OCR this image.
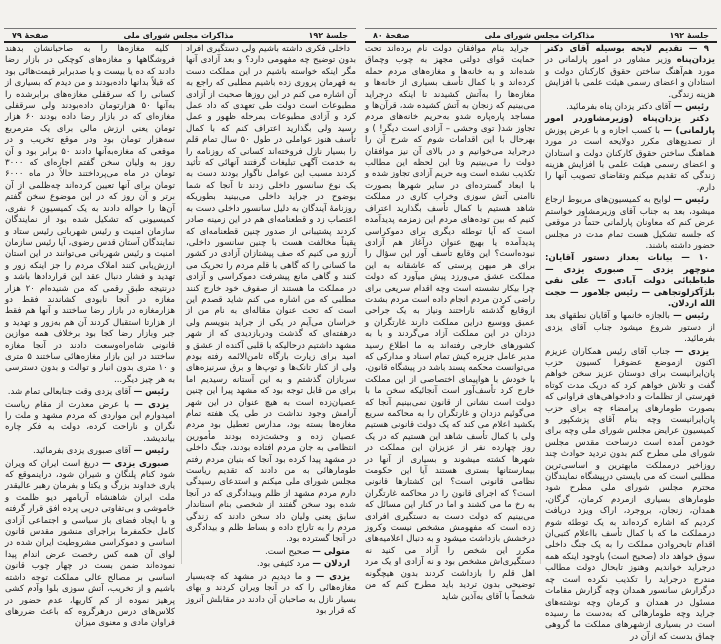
جلسهٔ ۱۹۲
مذاکرات مجلس شورای ملی
صفحهٔ ۷۹

داخلی فکری داشته باشیم ولی دستگیری افراد بدون توضیح چه مفهومی دارد؟ و بعد آزادی آنها مگر اینکه خواسته باشیم در این مملکت دست به قهرمان پروری زده باشیم مطلبی که راجع به آن اشاره می کنم در این روزها صحبت از آزادی مطبوعات است دولت طی تعهدی که داد عمل کرد و آزادی مطبوعات بمرحله ظهور و عمل رسید ولی بگذارید اعتراف کنم که با کمال تأسف هنوز عواملی در طول ۵۰ سال تمام قلم را بسیار نازل فروخته‌اند کسانی که روزنامه را به خدمت آگهی تبلیغات گرفتند آنهائی که تأثید کردند مسبب این عوامل ناگوار بودند دست به یک نوع سانسور داخلی زدند تا آنجا که شما بوضوح در جراید داخلی می‌بینید بطوریکه روزنامهٔ آیندگان به دلیل سانسور داخلی دست به اعتصاب زد و قطعنامه‌ای هم در این زمینه صادر کردند پشتیبانی از صدور چنین قطعنامه‌ای که یقیناً مخالفت هست با چنین سانسور داخلی، آرزو می کنیم که صف پیشتازان آزادی در کشور ما کسانی را که گاهی با قلم مردم را تحریک می کنند و گاهی مانع پیشرفت دموکراسی و آزادی در مملکت ما هستند از صفوف خود خارج کنند مطلبی که من اشاره می کنم شاید قصدم این است که تحت عنوان مقاله‌ای به نام من از خراسان می‌آیم در یکی از جراید بنویسم ولی درهفته‌ای که گذشت ودرباز‌دیدی که از شهر مشهد داشتیم درحالیکه با قلبی آکنده از عشق و امید برای زیارت بارگاه ثامن‌الائمه رفته بودم ولی از کنار تانک‌ها و توپ‌ها و برق سرنیزه‌های سربازان گذشتم و به این آستانه رسیدیم اما برای من قابل توجه بود که مشهد پیرا این چنین عصیان‌زده است به هیچ عنوان در این شهر آرامش وجود نداشت در طی یک هفته تمام مغازه‌ها بسته بود، مدارس تعطیل بود مردم عصیان زده و وحشت‌زده بودند مأمورین انتظامی به جان مردم افتاده بودند، جنگ داخلی در مشهد پیدا کرده بود آنجا که بنیان مردم رفتم طومارهائی به من دادند که تقدیم ریاست مجلس شورای ملی میکنم و استدعای رسیدگی دارم مردم مشهد از ظلم وبیدادگری که در آنجا شده بود سخن گفتند از شخصی بنام استاندار سابق یعنی ولیان داد سخن دادند که زندگی مردم را به تاراج داده و بساط ظلم و بیدادگری در آنجا گسترده بود.

متولی — صحیح است.

اردلان — مرد کثیفی بود.

یزدی — و ما دیدیم در مشهد که چه‌بسیار مغازه‌هائی را که در آنجا ویران کردند و بهای بسیار نازل به صاحبان آن دادند در مقابلش آنروز که قرار بود

کلیه مغازه‌ها را به صاحبانشان بدهند فروشگاهها و مغازه‌های کوچکی در بازار رضا دادند که ده یا بیست و یا صدبرابر قیمت‌هائی بود که قبلاً بدانها داده‌بودند و من دیدم که بسیاری از کسانی را که سرقفلی مغازه‌های برابرشده را به‌آنها ۵۰ هزارتومان داده‌بودند ولی سرقفلی مغازه‌ای که در بازار رضا داده بودند ۶۰ هزار تومان یعنی ارزش مالی برای یک مترمربع سه‌هزار تومان بود ودر موقع تخریب و در موقعی که مغازه‌به‌آنها دادند ۵۰ برابر بود و آن روز به ولیان سخن گفتم اجاره‌ای که ۳۰۰۰ تومان در ماه می‌پرداختند حالاً در ماه ۶۰۰۰ تومان برای آنها تعیین کرده‌اند چه‌ظلمی از آن برتر و آن روز که در این موضوع سخن گفتم آن‌ها را حواله دادند به یک کمیسیون ۶ نفری، کمیسیونی که تشکیل شده بود از نمایندگان سازمان امنیت و رئیس شهربانی رئیس ستاد و نمایندگان آستان قدس رضوی، آیا رئیس سازمان امنیت و رئیس شهربانی می‌توانند در این استان ارزش‌یابی کنند املاک مردم را جز اینکه زور و تهدید و فشار دنبال عقد این قراردادها باشد و درنتیجه طبق رقمی که من شنیده‌ام ۲۰ هزار مغازه در آنجا نابودی کشاندند فقط دو هزارمغازه در بازار رضا ساختند و آنها هم فقط از هزارتا استقبال کردند آن هم به‌زور و تهدید و جبر وبازار رضا کجا بود برخلاف همه موازین قانونی شاه‌راه‌وسعت دادند در آنجا مغازه ساختند در این بازار مغازه‌هائی ساختند ۵ متری و ۱۰ متری بدون انبار و توالت و بدون دسترسی به هر چیز دیگر...

رئیس — آقای یزدی وقت جنابعالی تمام شد.

یزدی — با عرض معذرت از مقام ریاست امیدوارم این مواردی که مردم مشهد و ملت را نگران و ناراحت کرده، دولت به فکر چاره بیاندیشد.

رئیس — آقای صبوری یزدی بفرمائید.

صبوری یزدی — دریغ است ایران که ویران شود کنام پلنگان و شیران شود، دراینموقع که یاری خداوند بزرگ و یکتا و بفرمان رهبر عالیقدر ملت ایران شاهنشاه آریامهر دیو ظلمت و خاموشی و بی‌تفاوتی درپی پرده افق قرار گرفته و با ایجاد فضای باز سیاسی و اجتماعی آزادی کامل حکمفرما براجرای منشور مقدس قانون اساسی و دموکراسی مشروطیت ایران شده در لوای آن همه کس رخصت عرض اندام پیدا نموده‌اند ضمن بست در چهار چوب قانون اساسی بر مصالح عالی مملکت توجه داشته باشیم و از تخریب، آتش سوزی بلوا وآدم کشی پرهیز نموده از کم کاریها، عدم حضور در کلاس‌های درس درهرگروه که باعث ضررهای فراوان مادی و معنوی میزان

جلسهٔ ۱۹۲
مذاکرات مجلس شورای ملی
صفحهٔ ۸۰

۹ — تقدیم لایحه بوسیله آقای دکتر یزدان‌پناه وزیر مشاور در امور پارلمانی در مورد هم‌آهنگ ساختن حقوق کارکنان دولت و استادان و اعضای رسمی هیئت علمی با افزایش هزینه زندگی.

رئیس — آقای دکتر یزدان پناه بفرمائید.

دکتر یزدان‌پناه (وزیرمشاوردر امور پارلمانی) — با کسب اجازه و با عرض پوزش از تصدیع‌های مکرر دولایحه است در مورد هماهنگ ساختن حقوق کارکنان دولت و استادان و اعضای رسمی هیئت علمی با افزایش هزینه زندگی که تقدیم میکنم وتقاضای تصویب آنها را دارم.

رئیس — لوایح به کمیسیون‌های مربوط ارجاع میشود، بعد به جناب آقای وزیرمشاور خواستم عرض کنم که معاونان پارلمانی حتماً در موقعی که جلسه تشکیل هست تمام مدت در مجلس حضور داشته باشند.

۱۰ — بیانات بعداز دستور آقایان: منوچهر یزدی — صبوری یزدی — طباطبائی دولت آبادی — علی نقی بلژآکزلوتجاهی — رئیس جلامور — حجت الله اردلان.

رئیس — بالجازه خانمها و آقایان نطقهای بعد از دستور شروع میشود جناب آقای یزدی بفرمائید.

یزدی — جناب آقای رئیس همکاران عزیزم اکنون ازموضع عضوفرا کسیون حزب پان‌ایرانیست برای دوستان عزیز سخن خواهم گفت و تلاش خواهم کرد که دریک مدت کوتاه فهرستی از تظلمات و دادخواهی‌های فراوانی که بصورت طومارهای پرامضاء چه برای حزب پان‌ایرانیست وچه بنام آقای پزشکپور و کمیسیون عرایض مجلس شورای ملی وچه برای خودمن آمده است درساحت مقدس مجلس شورای ملی مطرح کنم بدون تردید حوادث چند روزاخیر درمملکت مابهترین و اساسی‌ترین مطلبی است که می بایستی درپیشگاه نمایندگان محترم مجلس شورای ملی مطرح شود طومارهای بسیاری ازمردم کرمان، گرگان، همدان، زنجان، بروجرد، اراک ویزد دریافت کردیم که اشاره کرده‌اند به یک توطئه شوم درمملکت ما که با کمال تأسف بااعلام کتبی‌ان اقدام تابحروادن مملکت را به یک جنگ داخلی سوق خواهد داد (صحیح است) باوجود اینکه همه درجراید خواندیم وهنوز تابحال دولت مطالب مندرج درجراید را تکذیب نکرده است چه درگزارش سانسور همدان وچه گزارش مقامات مسئول در همدان و کرمان وچه نوشته‌های جراید وچه طومارهائی که به‌دست ما رسیده است در بسیاری ازشهرهای مملکت ما گروهی چماق بدست که ازآن در

جراید بنام موافقان دولت نام برده‌اند تحت حمایت قوای دولتی مجهز به چوب وچماق شده‌اند و به خانه‌ها و مغازه‌های مردم حمله کرده‌اند و با کمال تأسف بسیاری از خانه‌ها و مغازه‌ها را به‌آتش کشیدند تا اینکه درجراید می‌بینیم که زنجان به آتش کشیده شد، قرآن‌ها و مساجد پاره‌پاره شدو به‌حریم خانه‌های مردم تجاوز شد( توی وحشی‌ – آزادی است دیگر! ) و بهرحال با این اقدامات شوم که شرح آن را درجراید می‌خوانیم و در بالای آن نیز موافقان دولت را می‌بینیم وتا این لحظه این مطالب تکذیب نشده است وبه حریم آزادی تجاوز شده و با ابعاد گسترده‌ای در سایر شهرها بصورت ناامنی آتش سوزی وخراب کاری در مملکت شاهد هستیم با کمال تأسف بگذارید اعتراف کنیم که بین توده‌های مردم این زمزمه پدیدآمده است که آیا توطئه دیگری برای دموکراسی پدیدآمده یا بهیچ عنوان درآغاز هم آزادی نبوده‌است؟ این وقایع تأسف آور این سؤال را برای هر میهن پرستی که عاشقانه به این مملکت عشق می‌ورزد پیش میآورد که دولت چرا بیکار نشسته است وچه اقدام سریعی برای راضی کردن مردم انجام داده است مردم بشدت ازوقایع گذشته ناراحتند ونیاز به یک جراحی عمیق ووسیع دراین مملکت دارند غارتگران و دزدان در این مملکت آزاد می‌گردند و با به کشورهای خارجی رفته‌اند به ما اطلاع رسید مدیر عامل جزیره کیش تمام اسناد و مدارکی که می‌توانست محکمه پسند باشد در پیشگاه قانون، با خودش با هواپیمای اختصاصی از این مملکت خارج کرد تأسف‌آور است آنجائیکه سخن ما با دولت است نشانی از قانون نمی‌بینیم آنجا که می‌گوئیم دزدان و غارتگران را به محاکمه سریع بکشید اعلام می کند که یک دولت قانونی هستیم ولی با کمال تأسف شاهد این هستیم که در یک روز چهارده نفر از عزیزان این مملکت در شهرها کشته میشوند و بسیاری از آنها در بیمارستانها بستری هستند آیا این حکومت نظامی قانونی است؟ این کشتارها قانونی است؟ که اجرای قانون را در محاکمه غارتگران به رخ ما می کشند و اما در کنار این مسائل که می‌بینیم که دولت دست به دستگیری افرادی زده است که مفهومش مشخص نیست وکروز درخشش بازداشت میشود و به دنبال اعلامیه‌های مکرر این شخص را آزاد می کنید نه دستگیری‌اش مشخص بود و نه آزادی او یک مرد اهل قلم را بازداشت کردند بدون هیچگونه توضیحی بدون تردید باید مطرح کنم که من شخصاً با آقای به‌آذین شاید
